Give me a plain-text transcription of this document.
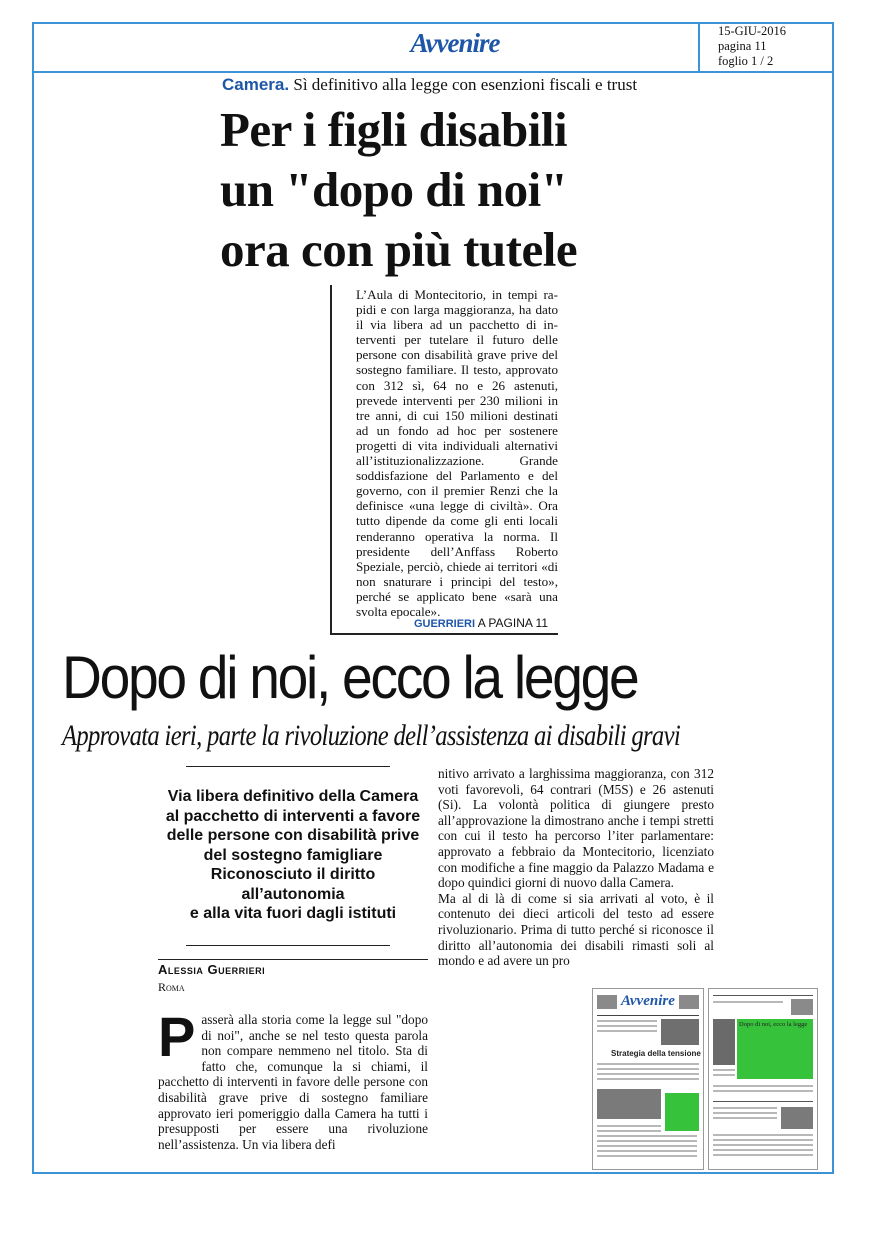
Avvenire	15-GIU-2016
pagina 11
foglio 1 / 2
Camera. Sì definitivo alla legge con esenzioni fiscali e trust
Per i figli disabili
un "dopo di noi"
ora con più tutele
L’Aula di Montecitorio, in tempi rapidi e con larga maggioranza, ha dato il via libera ad un pacchetto di interventi per tutelare il futuro delle persone con disabilità grave prive del sostegno familiare. Il testo, approvato con 312 sì, 64 no e 26 astenuti, prevede interventi per 230 milioni in tre anni, di cui 150 milioni destinati ad un fondo ad hoc per sostenere progetti di vita individuali alternativi all’istituzionalizzazione. Grande soddisfazione del Parlamento e del governo, con il premier Renzi che la definisce «una legge di civiltà». Ora tutto dipende da come gli enti locali renderanno operativa la norma. Il presidente dell’Anffass Roberto Speziale, perciò, chiede ai territori «di non snaturare i principi del testo», perché se applicato bene «sarà una svolta epocale».
GUERRIERI A PAGINA 11
Dopo di noi, ecco la legge
Approvata ieri, parte la rivoluzione dell’assistenza ai disabili gravi
Via libera definitivo della Camera
al pacchetto di interventi a favore
delle persone con disabilità prive
del sostegno famigliare
Riconosciuto il diritto all’autonomia
e alla vita fuori dagli istituti
Alessia Guerrieri
Roma
P asserà alla storia come la legge sul "dopo di noi", anche se nel testo questa parola non compare nemmeno nel titolo. Sta di fatto che, comunque la si chiami, il pacchetto di interventi in favore delle persone con disabilità grave prive di sostegno familiare approvato ieri pomeriggio dalla Camera ha tutti i presupposti per essere una rivoluzione nell’assistenza. Un via libera defi
nitivo arrivato a larghissima maggioranza, con 312 voti favorevoli, 64 contrari (M5S) e 26 astenuti (Si). La volontà politica di giungere presto all’approvazione la dimostrano anche i tempi stretti con cui il testo ha percorso l’iter parlamentare: approvato a febbraio da Montecitorio, licenziato con modifiche a fine maggio da Palazzo Madama e dopo quindici giorni di nuovo dalla Camera.
Ma al di là di come si sia arrivati al voto, è il contenuto dei dieci articoli del testo ad essere rivoluzionario. Prima di tutto perché si riconosce il diritto all’autonomia dei disabili rimasti soli al mondo e ad avere un pro
Avvenire
Strategia della tensione
Dopo di noi, ecco la legge
